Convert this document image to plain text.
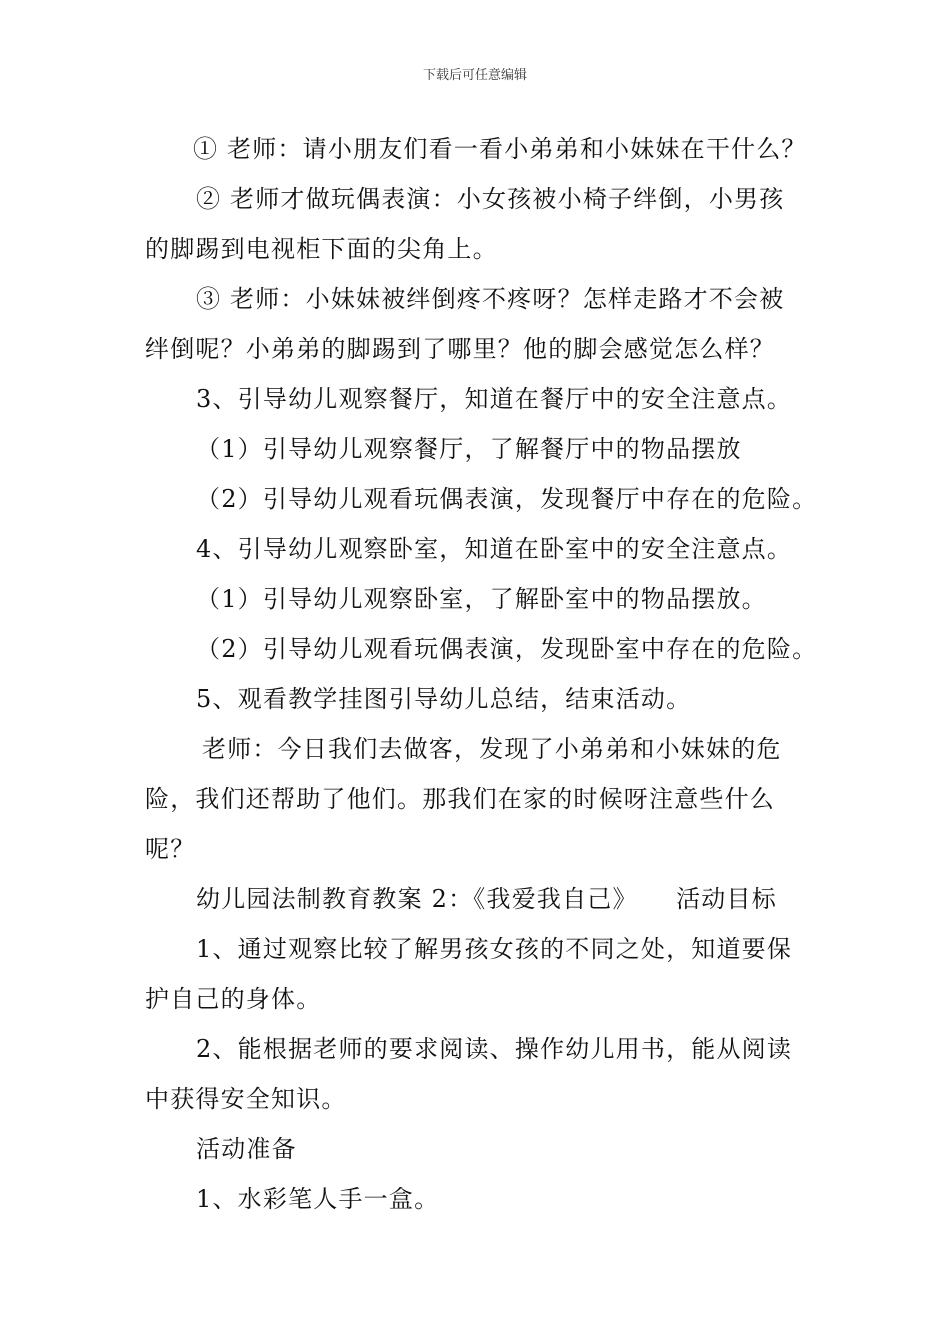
下载后可任意编辑
① 老师：请小朋友们看一看小弟弟和小妹妹在干什么？
② 老师才做玩偶表演：小女孩被小椅子绊倒，小男孩
的脚踢到电视柜下面的尖角上。
③ 老师：小妹妹被绊倒疼不疼呀？怎样走路才不会被
绊倒呢？小弟弟的脚踢到了哪里？他的脚会感觉怎么样？
3、引导幼儿观察餐厅，知道在餐厅中的安全注意点。
（1）引导幼儿观察餐厅，了解餐厅中的物品摆放
（2）引导幼儿观看玩偶表演，发现餐厅中存在的危险。
4、引导幼儿观察卧室，知道在卧室中的安全注意点。
（1）引导幼儿观察卧室，了解卧室中的物品摆放。
（2）引导幼儿观看玩偶表演，发现卧室中存在的危险。
5、观看教学挂图引导幼儿总结，结束活动。
老师：今日我们去做客，发现了小弟弟和小妹妹的危
险，我们还帮助了他们。那我们在家的时候呀注意些什么
呢？
幼儿园法制教育教案 2：《我爱我自己》　　活动目标
1、通过观察比较了解男孩女孩的不同之处，知道要保
护自己的身体。
2、能根据老师的要求阅读、操作幼儿用书，能从阅读
中获得安全知识。
活动准备
1、水彩笔人手一盒。
